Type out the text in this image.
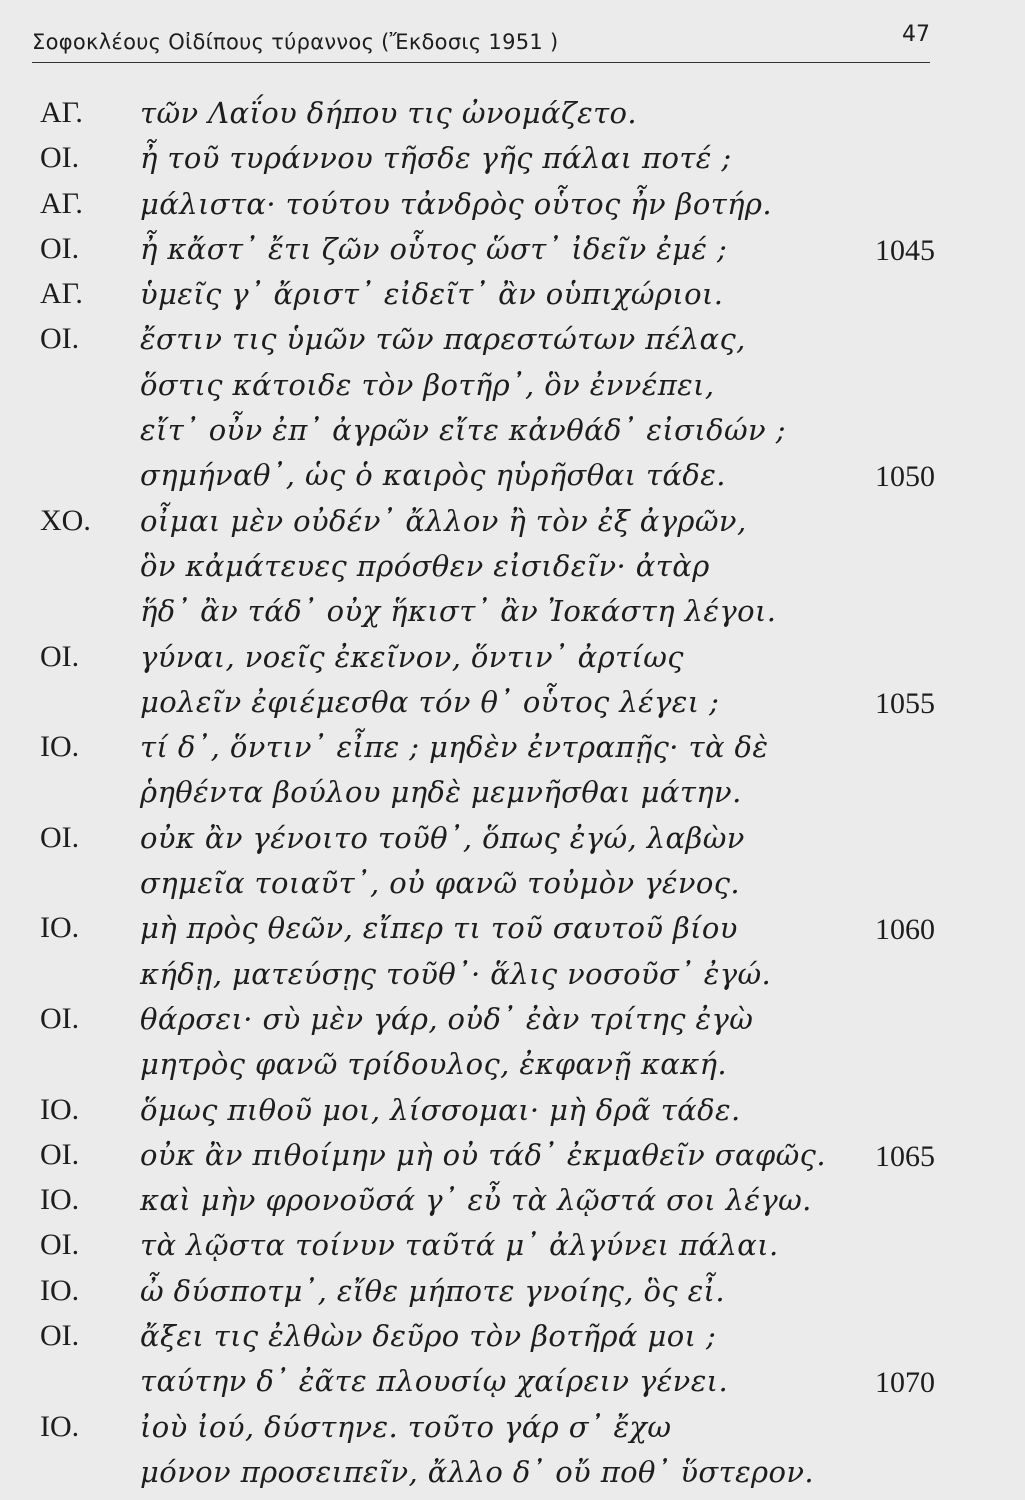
Σοφοκλέους Οἰδίπους τύραννος (Ἔκδοσις 1951 )	47
ΑΓ. τῶν Λαΐου δήπου τις ὠνομάζετο.
ΟΙ. ἦ τοῦ τυράννου τῆσδε γῆς πάλαι ποτέ ;
ΑΓ. μάλιστα· τούτου τἀνδρὸς οὗτος ἦν βοτήρ.
ΟΙ. ἦ κἄστ᾽ ἔτι ζῶν οὗτος ὥστ᾽ ἰδεῖν ἐμέ ;	1045
ΑΓ. ὑμεῖς γ᾽ ἄριστ᾽ εἰδεῖτ᾽ ἂν οὑπιχώριοι.
ΟΙ. ἔστιν τις ὑμῶν τῶν παρεστώτων πέλας,
ὅστις κάτοιδε τὸν βοτῆρ᾽, ὃν ἐννέπει,
εἴτ᾽ οὖν ἐπ᾽ ἀγρῶν εἴτε κἀνθάδ᾽ εἰσιδών ;
σημήναθ᾽, ὡς ὁ καιρὸς ηὑρῆσθαι τάδε.	1050
ΧΟ. οἶμαι μὲν οὐδέν᾽ ἄλλον ἢ τὸν ἐξ ἀγρῶν,
ὃν κἀμάτευες πρόσθεν εἰσιδεῖν· ἀτὰρ
ἥδ᾽ ἂν τάδ᾽ οὐχ ἥκιστ᾽ ἂν Ἰοκάστη λέγοι.
ΟΙ. γύναι, νοεῖς ἐκεῖνον, ὅντιν᾽ ἀρτίως
μολεῖν ἐφιέμεσθα τόν θ᾽ οὗτος λέγει ;	1055
ΙΟ. τί δ᾽, ὅντιν᾽ εἶπε ; μηδὲν ἐντραπῇς· τὰ δὲ
ῥηθέντα βούλου μηδὲ μεμνῆσθαι μάτην.
ΟΙ. οὐκ ἂν γένοιτο τοῦθ᾽, ὅπως ἐγώ, λαβὼν
σημεῖα τοιαῦτ᾽, οὐ φανῶ τοὐμὸν γένος.
ΙΟ. μὴ πρὸς θεῶν, εἴπερ τι τοῦ σαυτοῦ βίου	1060
κήδῃ, ματεύσῃς τοῦθ᾽· ἅλις νοσοῦσ᾽ ἐγώ.
ΟΙ. θάρσει· σὺ μὲν γάρ, οὐδ᾽ ἐὰν τρίτης ἐγὼ
μητρὸς φανῶ τρίδουλος, ἐκφανῇ κακή.
ΙΟ. ὅμως πιθοῦ μοι, λίσσομαι· μὴ δρᾶ τάδε.
ΟΙ. οὐκ ἂν πιθοίμην μὴ οὐ τάδ᾽ ἐκμαθεῖν σαφῶς.	1065
ΙΟ. καὶ μὴν φρονοῦσά γ᾽ εὖ τὰ λῷστά σοι λέγω.
ΟΙ. τὰ λῷστα τοίνυν ταῦτά μ᾽ ἀλγύνει πάλαι.
ΙΟ. ὦ δύσποτμ᾽, εἴθε μήποτε γνοίης, ὃς εἶ.
ΟΙ. ἄξει τις ἐλθὼν δεῦρο τὸν βοτῆρά μοι ;
ταύτην δ᾽ ἐᾶτε πλουσίῳ χαίρειν γένει.	1070
ΙΟ. ἰοὺ ἰού, δύστηνε. τοῦτο γάρ σ᾽ ἔχω
μόνον προσειπεῖν, ἄλλο δ᾽ οὔ ποθ᾽ ὕστερον.
